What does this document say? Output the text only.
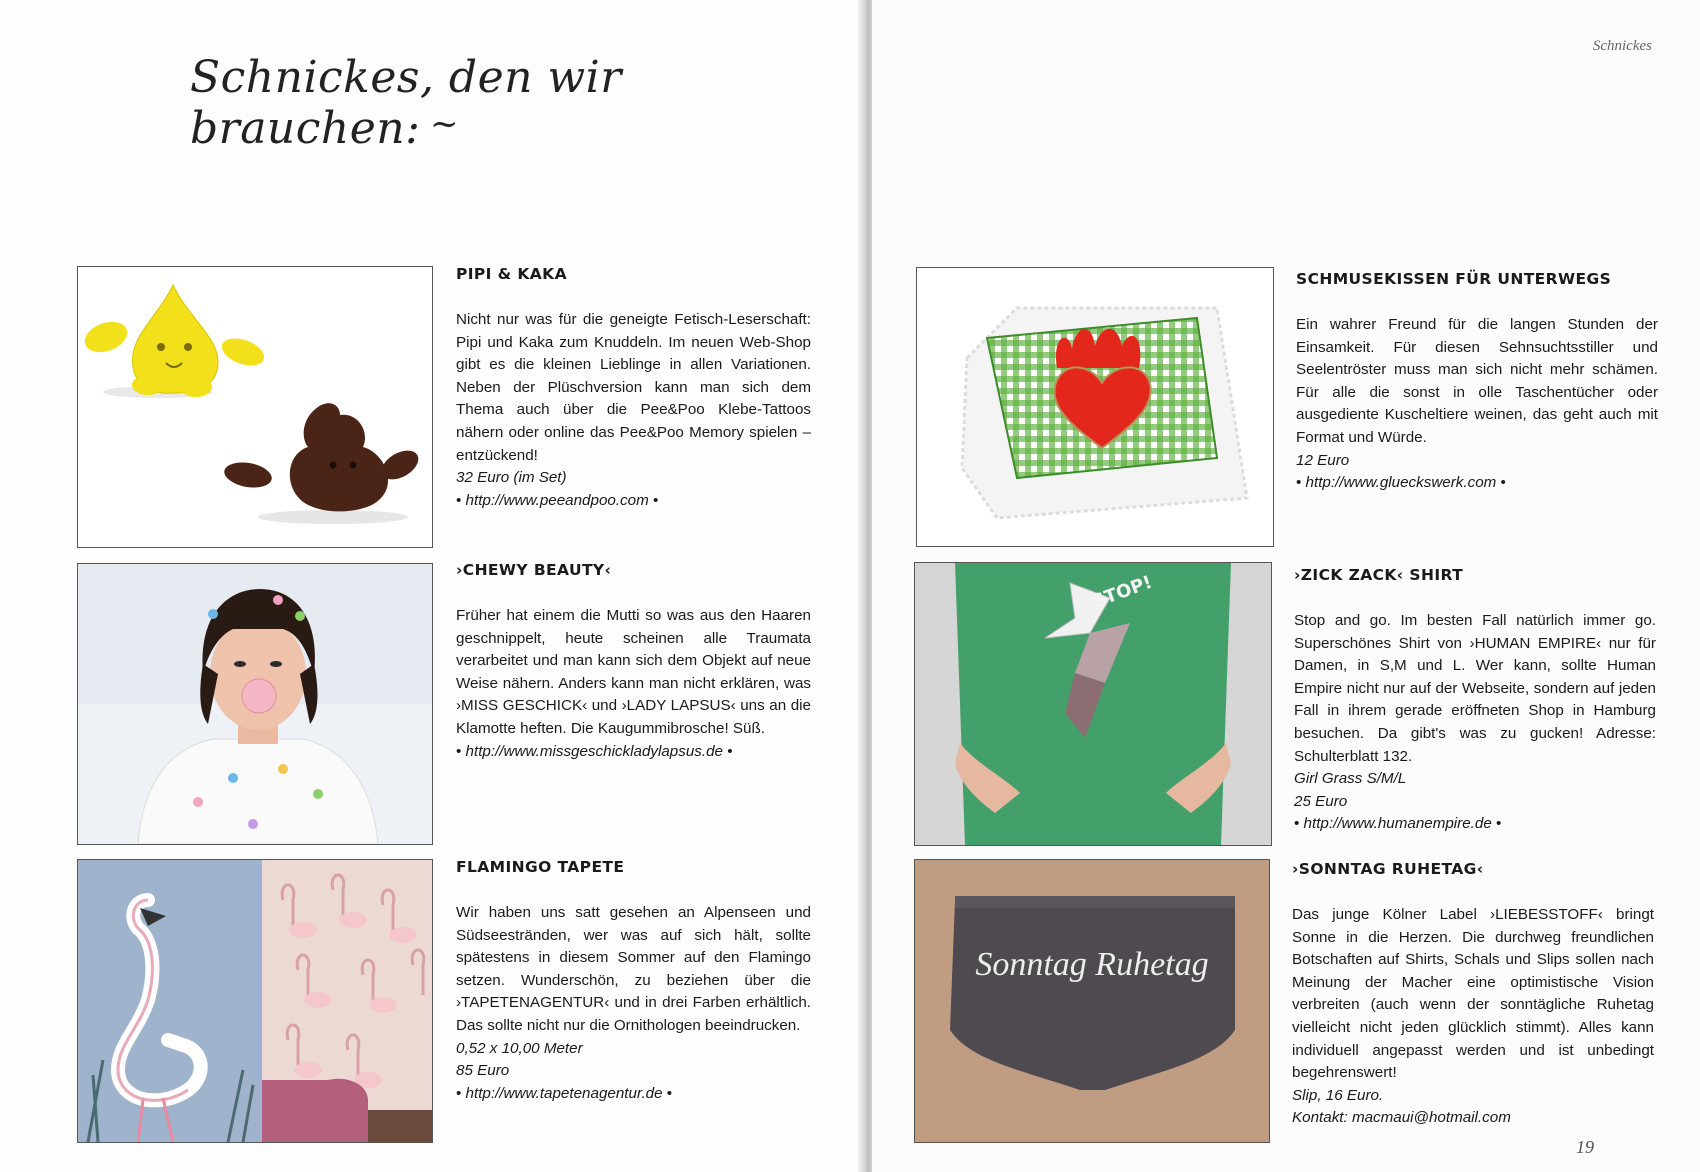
Schnickes, den wir brauchen: ~
PIPI & KAKA

Nicht nur was für die geneigte Fetisch-Leserschaft: Pipi und Kaka zum Knuddeln. Im neuen Web-Shop gibt es die kleinen Lieblinge in allen Variationen. Neben der Plüschversion kann man sich dem Thema auch über die Pee&Poo Klebe-Tattoos nähern oder online das Pee&Poo Memory spielen – entzückend!

32 Euro (im Set)

• http://www.peeandpoo.com •

›CHEWY BEAUTY‹

Früher hat einem die Mutti so was aus den Haaren geschnippelt, heute scheinen alle Traumata verarbeitet und man kann sich dem Objekt auf neue Weise nähern. Anders kann man nicht erklären, was ›MISS GESCHICK‹ und ›LADY LAPSUS‹ uns an die Klamotte heften. Die Kaugummibrosche! Süß.

• http://www.missgeschickladylapsus.de •

FLAMINGO TAPETE

Wir haben uns satt gesehen an Alpenseen und Südseestränden, wer was auf sich hält, sollte spätestens in diesem Sommer auf den Flamingo setzen. Wunderschön, zu beziehen über die ›TAPETENAGENTUR‹ und in drei Farben erhältlich. Das sollte nicht nur die Ornithologen beeindrucken.

0,52 x 10,00 Meter

85 Euro

• http://www.tapetenagentur.de •

Schnickes
STOP!
Sonntag Ruhetag
SCHMUSEKISSEN FÜR UNTERWEGS

Ein wahrer Freund für die langen Stunden der Einsamkeit. Für diesen Sehnsuchtsstiller und Seelentröster muss man sich nicht mehr schämen. Für alle die sonst in olle Taschentücher oder ausgediente Kuscheltiere weinen, das geht auch mit Format und Würde.

12 Euro

• http://www.glueckswerk.com •

›ZICK ZACK‹ SHIRT

Stop and go. Im besten Fall natürlich immer go. Superschönes Shirt von ›HUMAN EMPIRE‹ nur für Damen, in S,M und L. Wer kann, sollte Human Empire nicht nur auf der Webseite, sondern auf jeden Fall in ihrem gerade eröffneten Shop in Hamburg besuchen. Da gibt's was zu gucken! Adresse: Schulterblatt 132.

Girl Grass S/M/L

25 Euro

• http://www.humanempire.de •

›SONNTAG RUHETAG‹

Das junge Kölner Label ›LIEBESSTOFF‹ bringt Sonne in die Herzen. Die durchweg freundlichen Botschaften auf Shirts, Schals und Slips sollen nach Meinung der Macher eine optimistische Vision verbreiten (auch wenn der sonntägliche Ruhetag vielleicht nicht jeden glücklich stimmt). Alles kann individuell angepasst werden und ist unbedingt begehrenswert!

Slip, 16 Euro.

Kontakt: macmaui@hotmail.com

19
